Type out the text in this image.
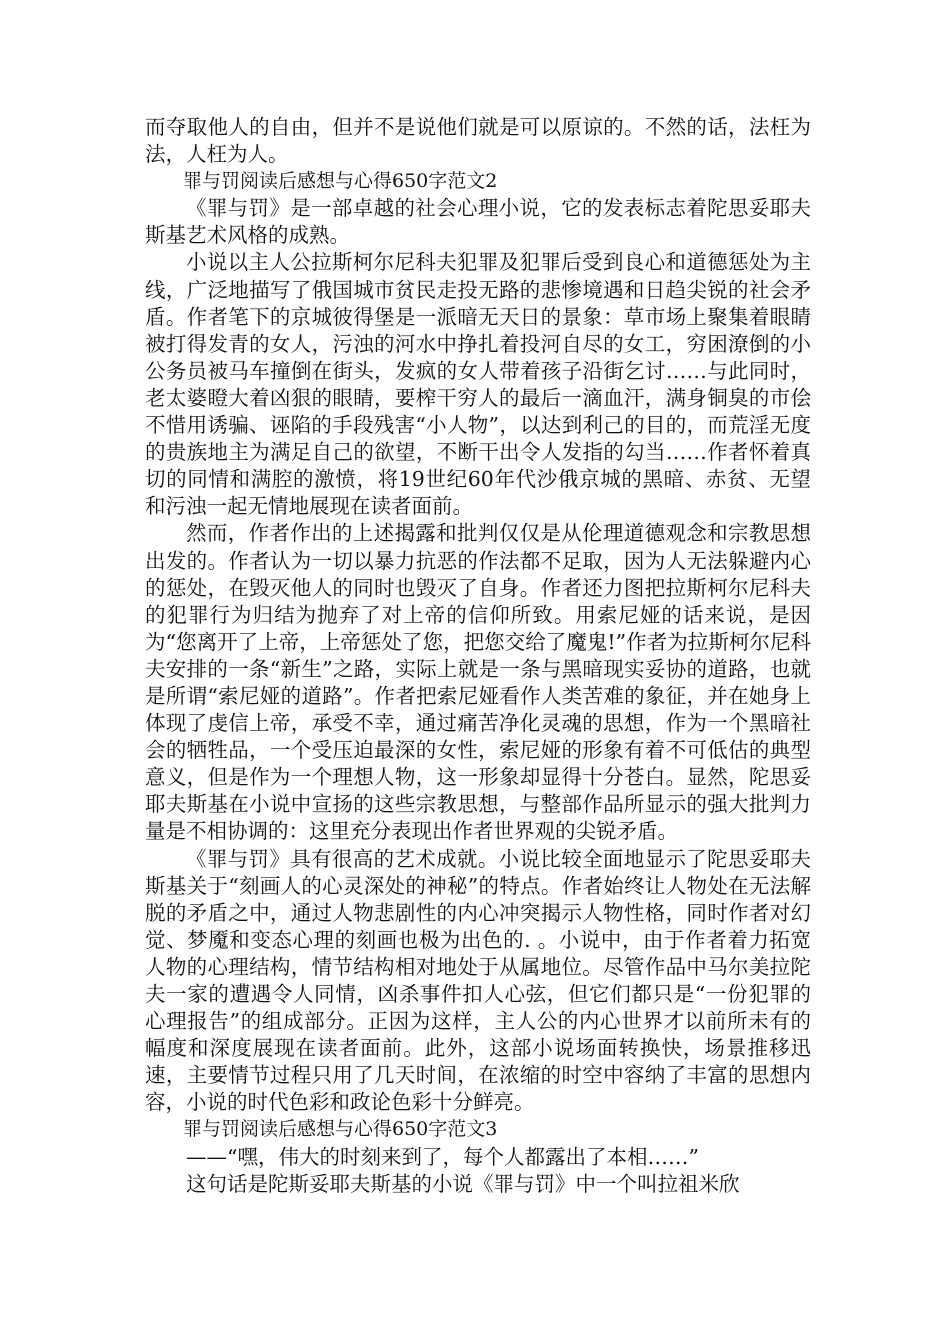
而夺取他人的自由，但并不是说他们就是可以原谅的。不然的话，法枉为法，人枉为人。

罪与罚阅读后感想与心得650字范文2

《罪与罚》是一部卓越的社会心理小说，它的发表标志着陀思妥耶夫斯基艺术风格的成熟。

小说以主人公拉斯柯尔尼科夫犯罪及犯罪后受到良心和道德惩处为主线，广泛地描写了俄国城市贫民走投无路的悲惨境遇和日趋尖锐的社会矛盾。作者笔下的京城彼得堡是一派暗无天日的景象：草市场上聚集着眼睛被打得发青的女人，污浊的河水中挣扎着投河自尽的女工，穷困潦倒的小公务员被马车撞倒在街头，发疯的女人带着孩子沿街乞讨……与此同时，老太婆瞪大着凶狠的眼睛，要榨干穷人的最后一滴血汗，满身铜臭的市侩不惜用诱骗、诬陷的手段残害“小人物”，以达到利己的目的，而荒淫无度的贵族地主为满足自己的欲望，不断干出令人发指的勾当……作者怀着真切的同情和满腔的激愤，将19世纪60年代沙俄京城的黑暗、赤贫、无望和污浊一起无情地展现在读者面前。

然而，作者作出的上述揭露和批判仅仅是从伦理道德观念和宗教思想出发的。作者认为一切以暴力抗恶的作法都不足取，因为人无法躲避内心的惩处，在毁灭他人的同时也毁灭了自身。作者还力图把拉斯柯尔尼科夫的犯罪行为归结为抛弃了对上帝的信仰所致。用索尼娅的话来说，是因为“您离开了上帝，上帝惩处了您，把您交给了魔鬼!”作者为拉斯柯尔尼科夫安排的一条“新生”之路，实际上就是一条与黑暗现实妥协的道路，也就是所谓“索尼娅的道路”。作者把索尼娅看作人类苦难的象征，并在她身上体现了虔信上帝，承受不幸，通过痛苦净化灵魂的思想，作为一个黑暗社会的牺牲品，一个受压迫最深的女性，索尼娅的形象有着不可低估的典型意义，但是作为一个理想人物，这一形象却显得十分苍白。显然，陀思妥耶夫斯基在小说中宣扬的这些宗教思想，与整部作品所显示的强大批判力量是不相协调的：这里充分表现出作者世界观的尖锐矛盾。

《罪与罚》具有很高的艺术成就。小说比较全面地显示了陀思妥耶夫斯基关于“刻画人的心灵深处的神秘”的特点。作者始终让人物处在无法解脱的矛盾之中，通过人物悲剧性的内心冲突揭示人物性格，同时作者对幻觉、梦魇和变态心理的刻画也极为出色的. 。小说中，由于作者着力拓宽人物的心理结构，情节结构相对地处于从属地位。尽管作品中马尔美拉陀夫一家的遭遇令人同情，凶杀事件扣人心弦，但它们都只是“一份犯罪的心理报告”的组成部分。正因为这样，主人公的内心世界才以前所未有的幅度和深度展现在读者面前。此外，这部小说场面转换快，场景推移迅速，主要情节过程只用了几天时间，在浓缩的时空中容纳了丰富的思想内容，小说的时代色彩和政论色彩十分鲜亮。

罪与罚阅读后感想与心得650字范文3

——“嘿，伟大的时刻来到了，每个人都露出了本相……”

这句话是陀斯妥耶夫斯基的小说《罪与罚》中一个叫拉祖米欣
